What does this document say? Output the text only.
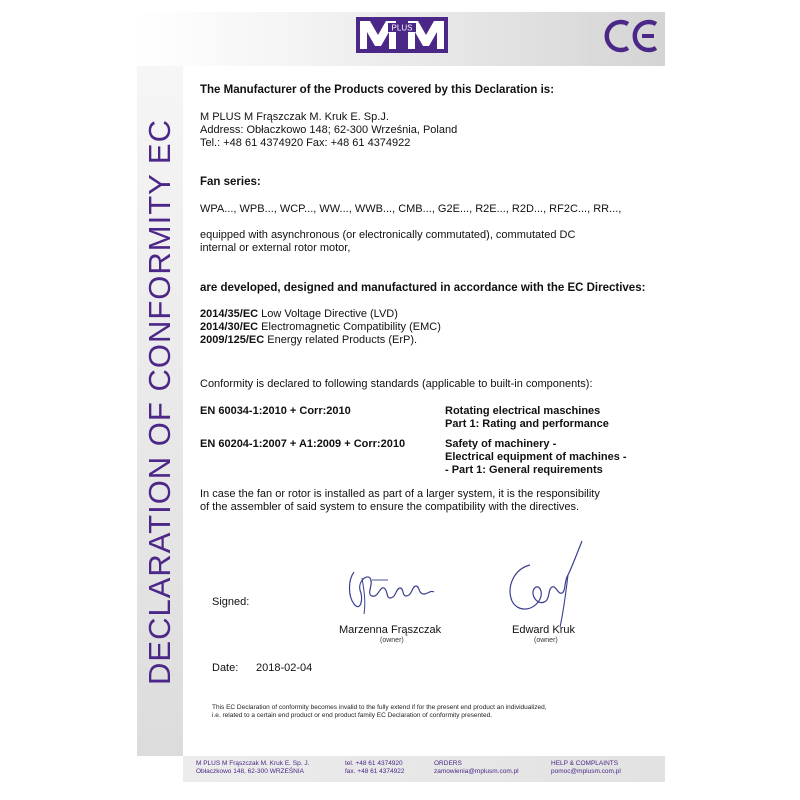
PLUS
DECLARATION OF CONFORMITY EC
The Manufacturer of the Products covered by this Declaration is:
M PLUS M Frąszczak M. Kruk E. Sp.J.
Address: Obłaczkowo 148; 62-300 Września, Poland
Tel.: +48 61 4374920 Fax: +48 61 4374922
Fan series:
WPA..., WPB..., WCP..., WW..., WWB..., CMB..., G2E..., R2E..., R2D..., RF2C..., RR...,
equipped with asynchronous (or electronically commutated), commutated DC
internal or external rotor motor,
are developed, designed and manufactured in accordance with the EC Directives:
2014/35/EC Low Voltage Directive (LVD)
2014/30/EC Electromagnetic Compatibility (EMC)
2009/125/EC Energy related Products (ErP).
Conformity is declared to following standards (applicable to built-in components):
EN 60034-1:2010 + Corr:2010	Rotating electrical maschines
Part 1: Rating and performance
EN 60204-1:2007 + A1:2009 + Corr:2010	Safety of machinery -
Electrical equipment of machines -
- Part 1: General requirements
In case the fan or rotor is installed as part of a larger system, it is the responsibility
of the assembler of said system to ensure the compatibility with the directives.
Signed:
Marzenna Frąszczak
(owner)
Edward Kruk
(owner)
Date: 2018-02-04
This EC Declaration of conformity becomes invalid to the fully extend if for the present end product an individualized,
i.e. related to a certain end product or end product family EC Declaration of conformity presented.
M PLUS M Frąszczak M. Kruk E. Sp. J.
Obłaczkowo 148, 62-300 WRZEŚNIA
tel. +48 61 4374920
fax. +48 61 4374922
ORDERS
zamowienia@mplusm.com.pl
HELP & COMPLAINTS
pomoc@mplusm.com.pl
